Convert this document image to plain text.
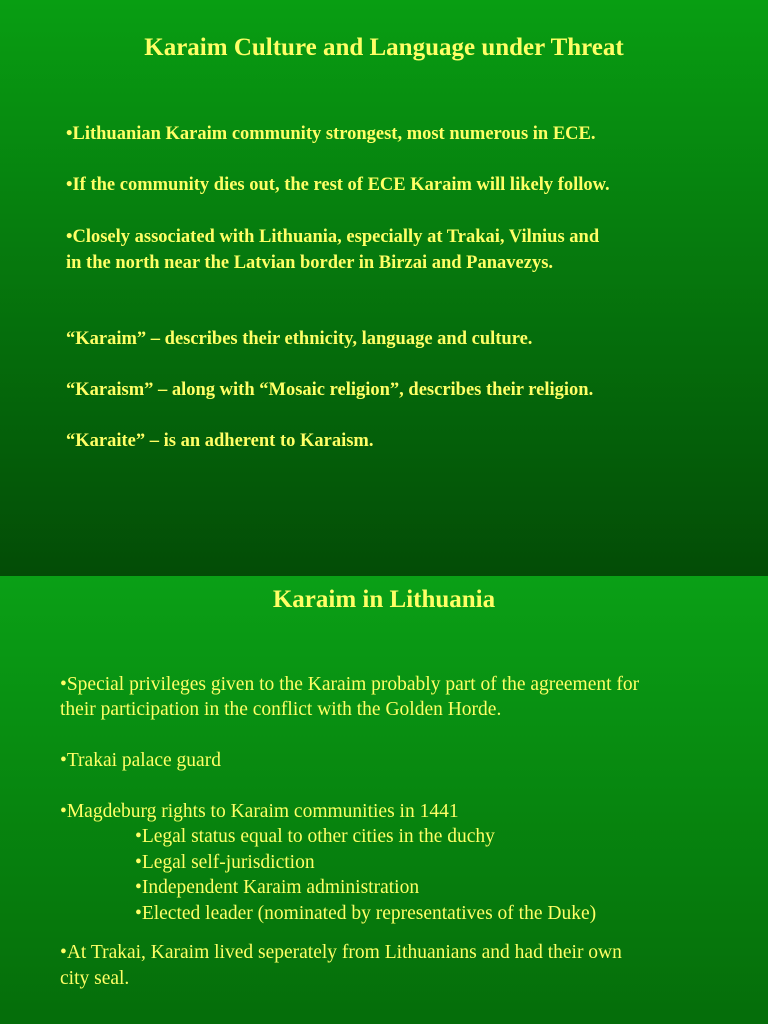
Karaim Culture and Language under Threat

•Lithuanian Karaim community strongest, most numerous in ECE.

•If the community dies out, the rest of ECE Karaim will likely follow.

•Closely associated with Lithuania, especially at Trakai, Vilnius and

in the north near the Latvian border in Birzai and Panavezys.

“Karaim” – describes their ethnicity, language and culture.

“Karaism” – along with “Mosaic religion”, describes their religion.

“Karaite” – is an adherent to Karaism.

Karaim in Lithuania

•Special privileges given to the Karaim probably part of the agreement for

their participation in the conflict with the Golden Horde.

•Trakai palace guard

•Magdeburg rights to Karaim communities in 1441

•Legal status equal to other cities in the duchy

•Legal self-jurisdiction

•Independent Karaim administration

•Elected leader (nominated by representatives of the Duke)

•At Trakai, Karaim lived seperately from Lithuanians and had their own

city seal.
